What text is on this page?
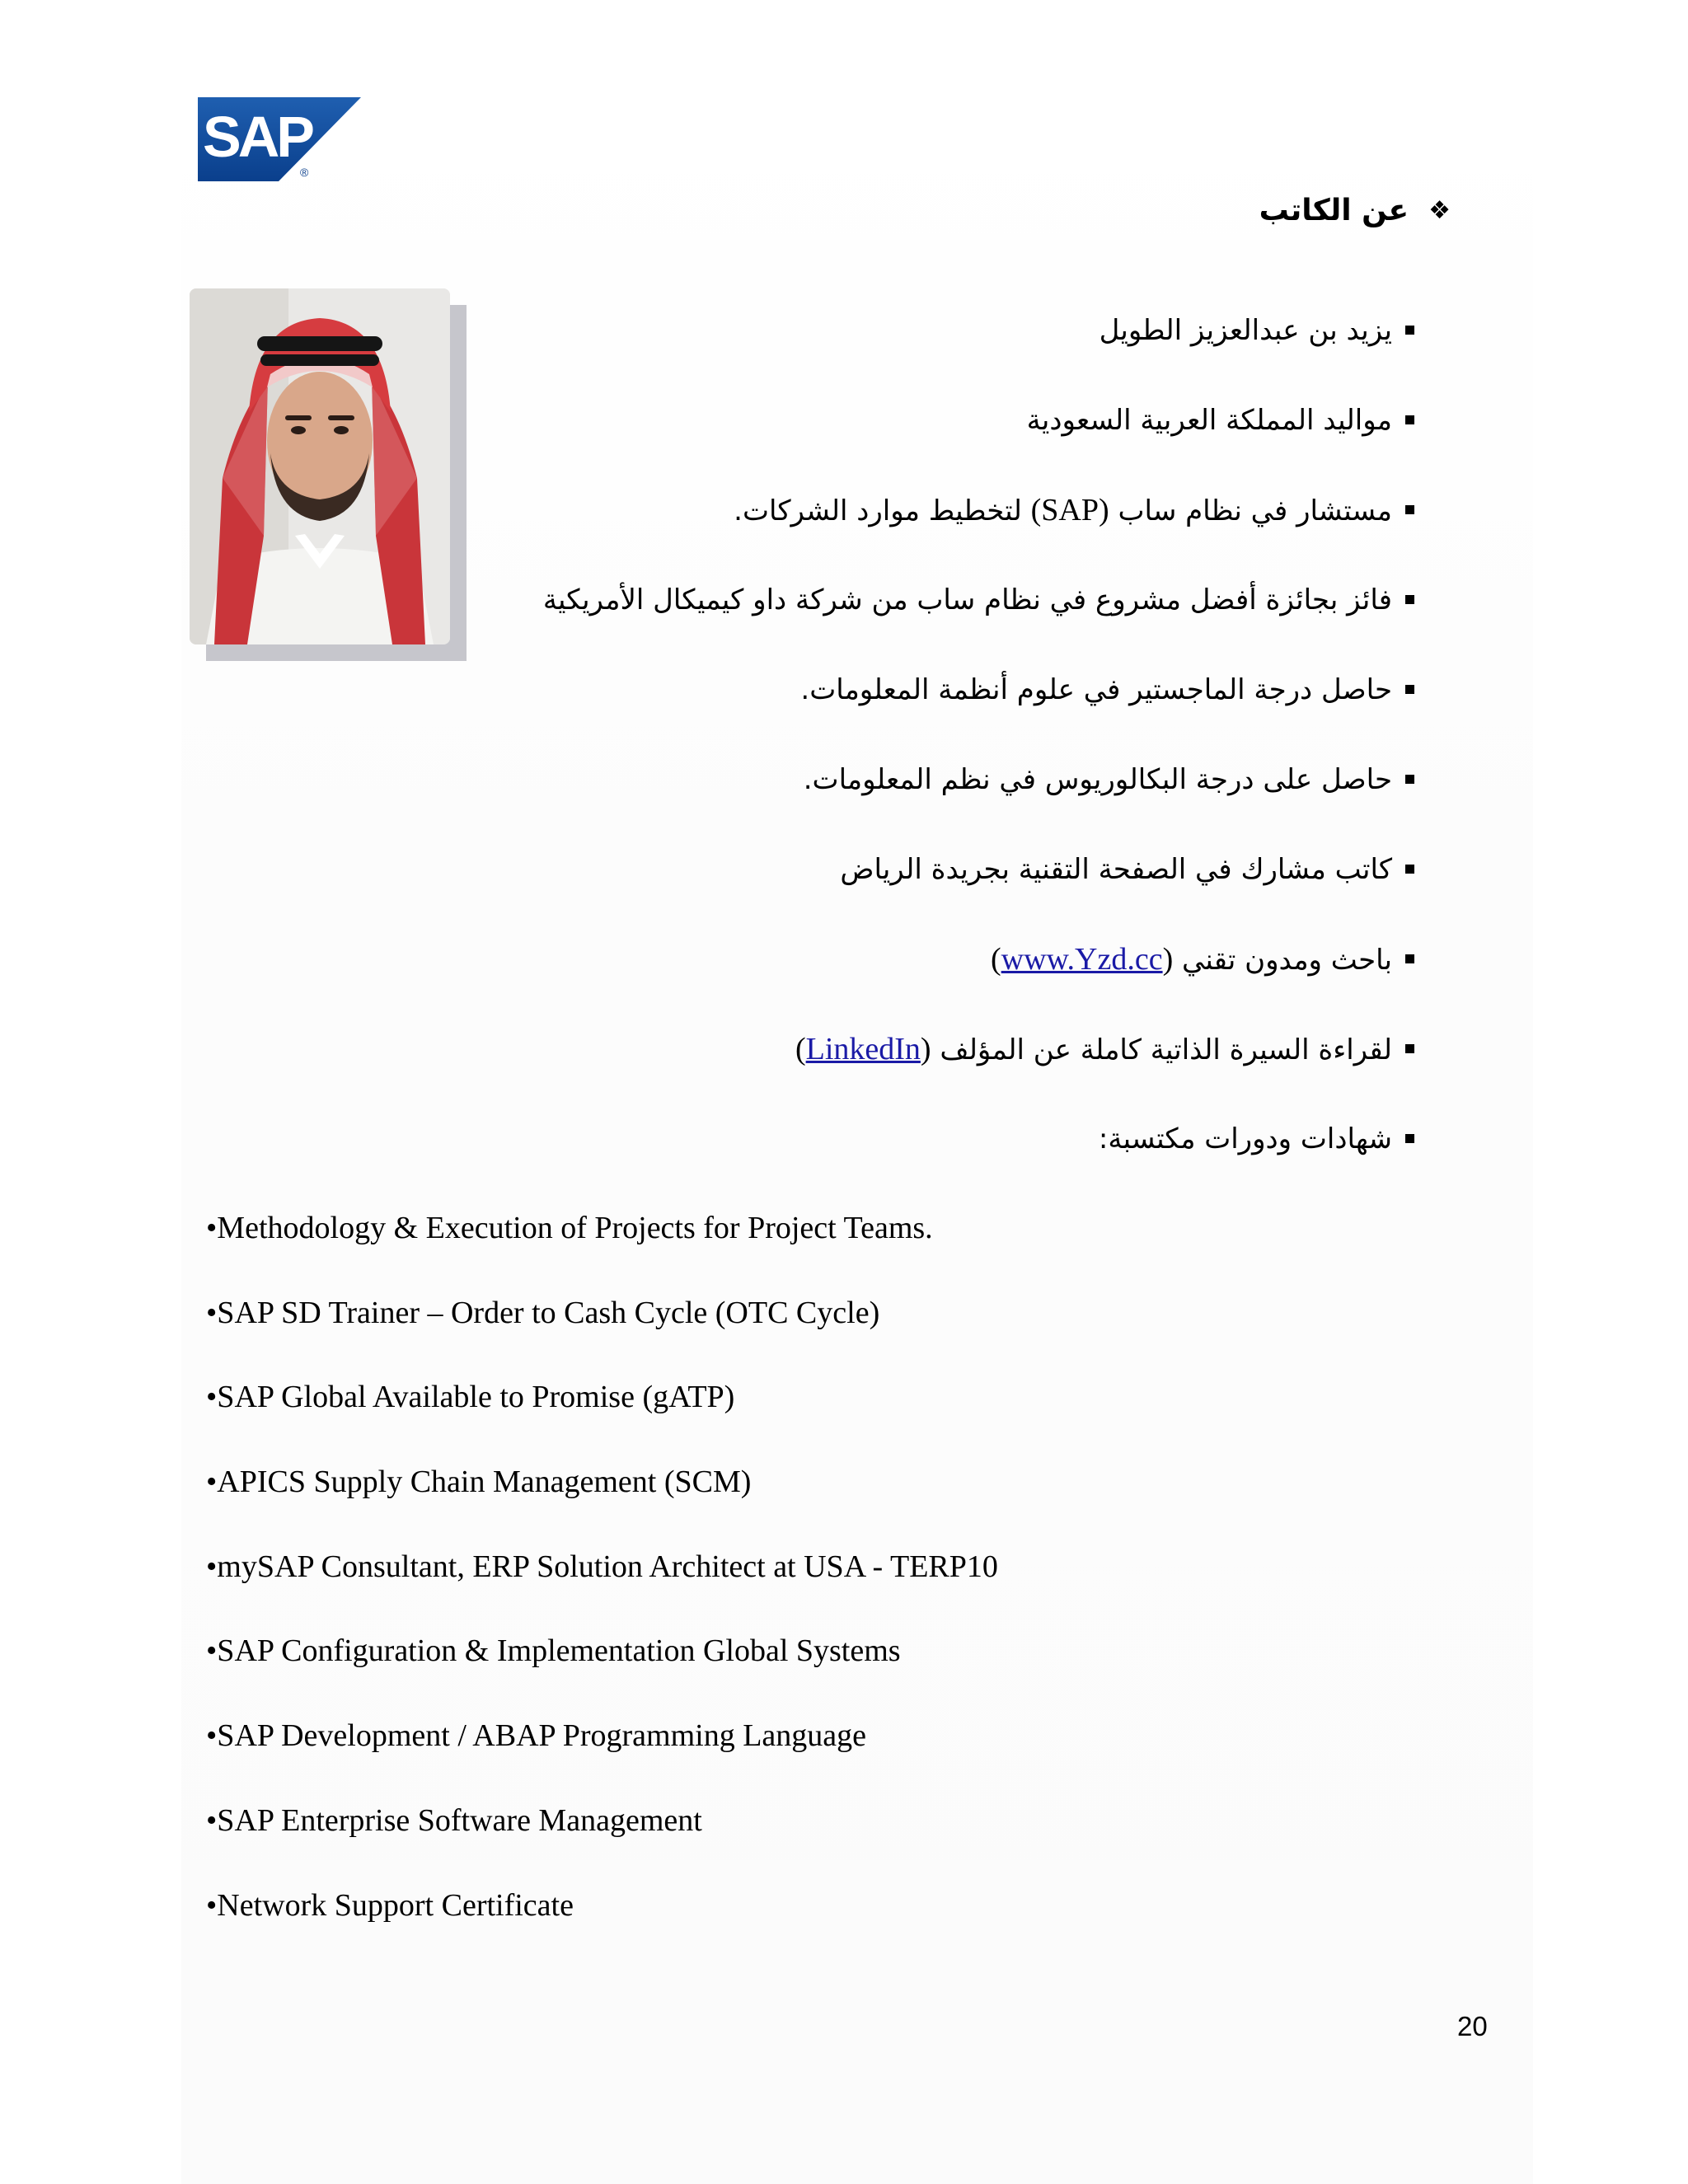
SAP
®
❖
عن الكاتب
يزيد بن عبدالعزيز الطويل
مواليد المملكة العربية السعودية
مستشار في نظام ساب (SAP) لتخطيط موارد الشركات.
فائز بجائزة أفضل مشروع في نظام ساب من شركة داو كيميكال الأمريكية
حاصل درجة الماجستير في علوم أنظمة المعلومات.
حاصل على درجة البكالوريوس في نظم المعلومات.
كاتب مشارك في الصفحة التقنية بجريدة الرياض
باحث ومدون تقني (www.Yzd.cc)
لقراءة السيرة الذاتية كاملة عن المؤلف (LinkedIn)
شهادات ودورات مكتسبة:
•Methodology & Execution of Projects for Project Teams.
•SAP SD Trainer – Order to Cash Cycle (OTC Cycle)
•SAP Global Available to Promise (gATP)
•APICS Supply Chain Management (SCM)
•mySAP Consultant, ERP Solution Architect at USA - TERP10
•SAP Configuration & Implementation Global Systems
•SAP Development / ABAP Programming Language
•SAP Enterprise Software Management
•Network Support Certificate
20
